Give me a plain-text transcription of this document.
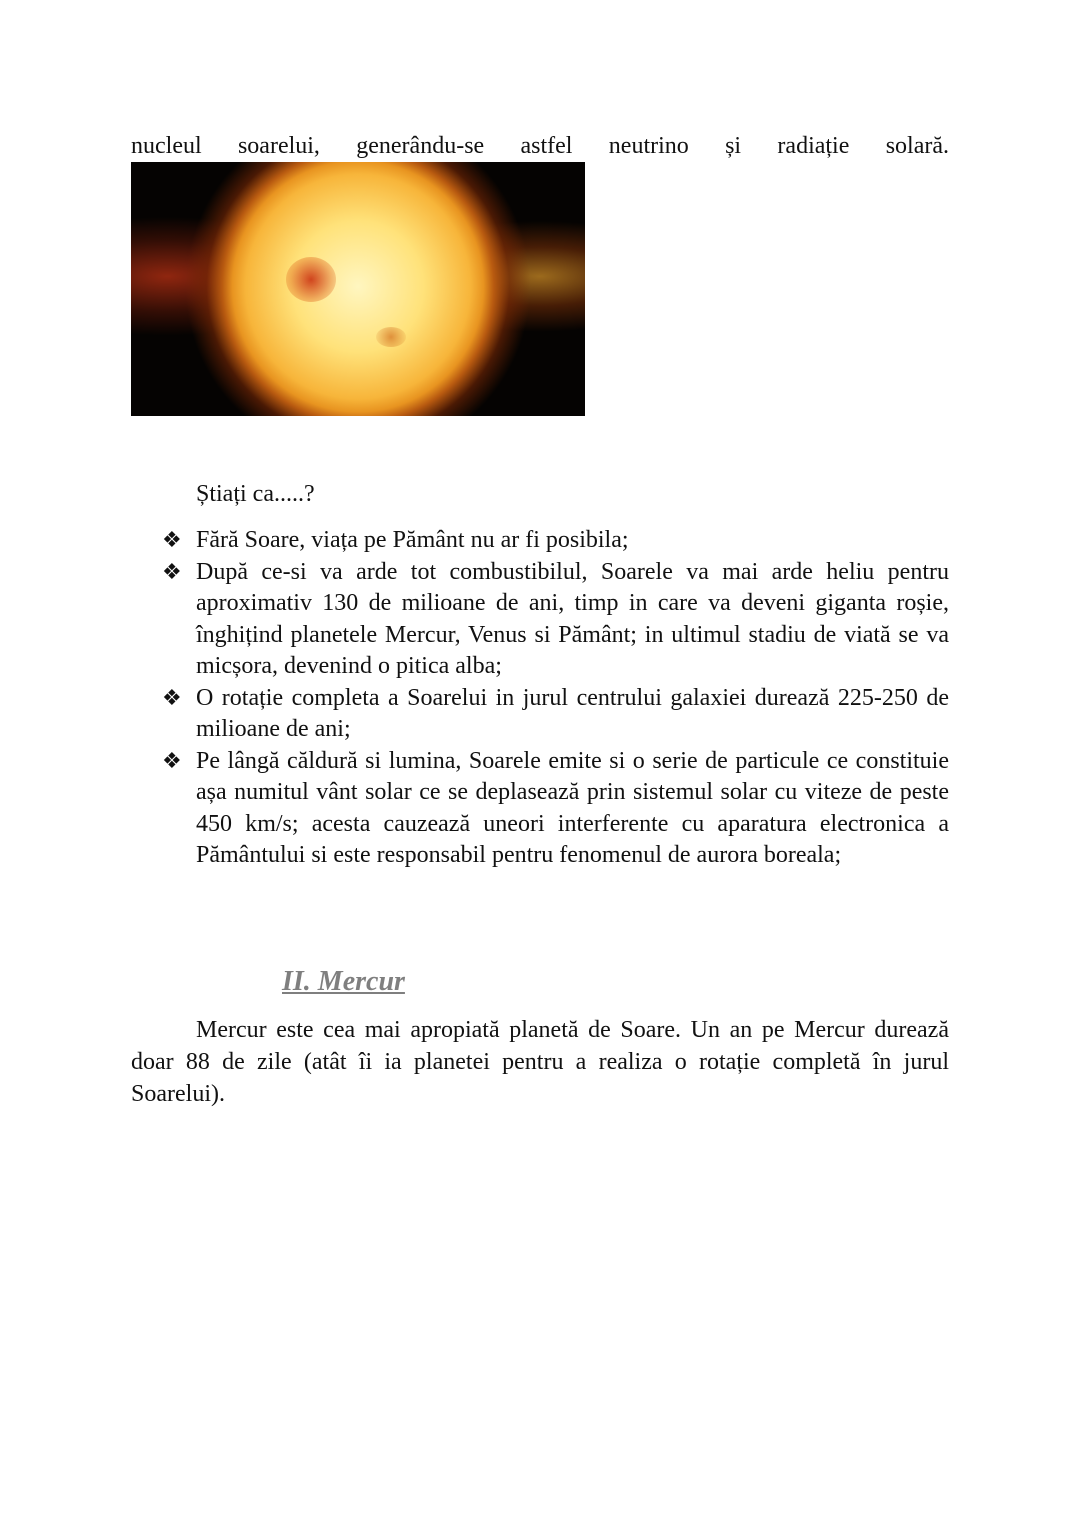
nucleul soarelui, generându-se astfel neutrino și radiație solară.
Știați ca.....?
❖ Fără Soare, viața pe Pământ nu ar fi posibila;
❖ După ce-si va arde tot combustibilul, Soarele va mai arde heliu pentru aproximativ 130 de milioane de ani, timp in care va deveni giganta roșie, înghițind planetele Mercur, Venus si Pământ; in ultimul stadiu de viată se va micșora, devenind o pitica alba;
❖ O rotație completa a Soarelui in jurul centrului galaxiei durează 225-250 de milioane de ani;
❖ Pe lângă căldură si lumina, Soarele emite si o serie de particule ce constituie așa numitul vânt solar ce se deplasează prin sistemul solar cu viteze de peste 450 km/s; acesta cauzează uneori interferente cu aparatura electronica a Pământului si este responsabil pentru fenomenul de aurora boreala;
II. Mercur

Mercur este cea mai apropiată planetă de Soare. Un an pe Mercur durează doar 88 de zile (atât îi ia planetei pentru a realiza o rotație completă în jurul Soarelui).
